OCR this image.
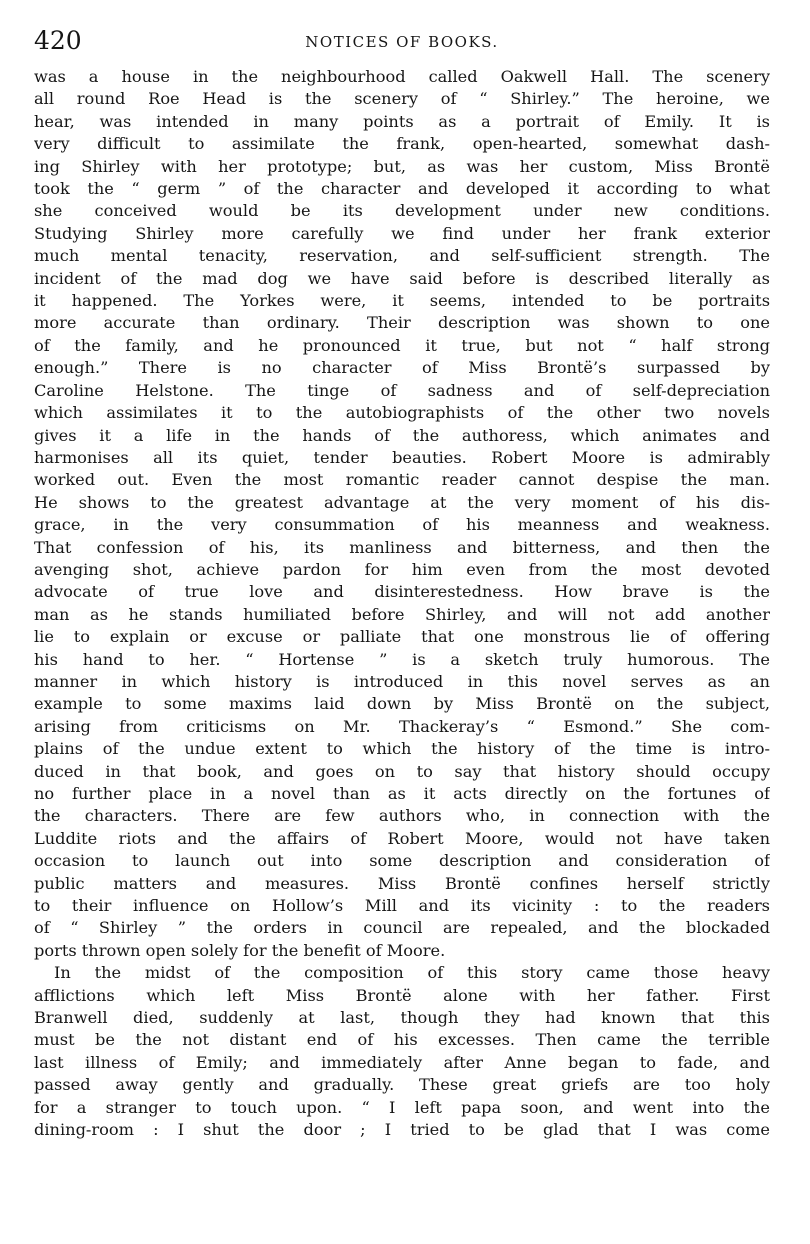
420	NOTICES OF BOOKS.
was a house in the neighbourhood called Oakwell Hall. The scenery
all round Roe Head is the scenery of “ Shirley.” The heroine, we
hear, was intended in many points as a portrait of Emily. It is
very difficult to assimilate the frank, open-hearted, somewhat dash-
ing Shirley with her prototype; but, as was her custom, Miss Brontë
took the “ germ ” of the character and developed it according to what
she conceived would be its development under new conditions.
Studying Shirley more carefully we find under her frank exterior
much mental tenacity, reservation, and self-sufficient strength. The
incident of the mad dog we have said before is described literally as
it happened. The Yorkes were, it seems, intended to be portraits
more accurate than ordinary. Their description was shown to one
of the family, and he pronounced it true, but not “ half strong
enough.” There is no character of Miss Brontë’s surpassed by
Caroline Helstone. The tinge of sadness and of self-depreciation
which assimilates it to the autobiographists of the other two novels
gives it a life in the hands of the authoress, which animates and
harmonises all its quiet, tender beauties. Robert Moore is admirably
worked out. Even the most romantic reader cannot despise the man.
He shows to the greatest advantage at the very moment of his dis-
grace, in the very consummation of his meanness and weakness.
That confession of his, its manliness and bitterness, and then the
avenging shot, achieve pardon for him even from the most devoted
advocate of true love and disinterestedness. How brave is the
man as he stands humiliated before Shirley, and will not add another
lie to explain or excuse or palliate that one monstrous lie of offering
his hand to her. “ Hortense ” is a sketch truly humorous. The
manner in which history is introduced in this novel serves as an
example to some maxims laid down by Miss Brontë on the subject,
arising from criticisms on Mr. Thackeray’s “ Esmond.” She com-
plains of the undue extent to which the history of the time is intro-
duced in that book, and goes on to say that history should occupy
no further place in a novel than as it acts directly on the fortunes of
the characters. There are few authors who, in connection with the
Luddite riots and the affairs of Robert Moore, would not have taken
occasion to launch out into some description and consideration of
public matters and measures. Miss Brontë confines herself strictly
to their influence on Hollow’s Mill and its vicinity : to the readers
of “ Shirley ” the orders in council are repealed, and the blockaded
ports thrown open solely for the benefit of Moore.
In the midst of the composition of this story came those heavy
afflictions which left Miss Brontë alone with her father. First
Branwell died, suddenly at last, though they had known that this
must be the not distant end of his excesses. Then came the terrible
last illness of Emily; and immediately after Anne began to fade, and
passed away gently and gradually. These great griefs are too holy
for a stranger to touch upon. “ I left papa soon, and went into the
dining-room : I shut the door ; I tried to be glad that I was come
